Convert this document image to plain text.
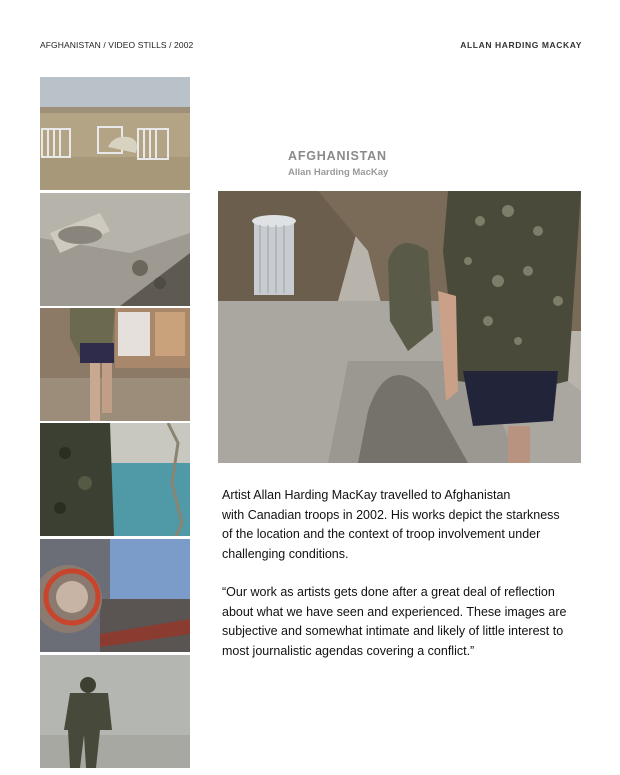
AFGHANISTAN / VIDEO STILLS / 2002	ALLAN HARDING MACKAY
AFGHANISTAN
Allan Harding MacKay

Artist Allan Harding MacKay travelled to Afghanistan
with Canadian troops in 2002. His works depict the starkness
of the location and the context of troop involvement under
challenging conditions.

“Our work as artists gets done after a great deal of reflection
about what we have seen and experienced. These images are
subjective and somewhat intimate and likely of little interest to
most journalistic agendas covering a conflict.”
